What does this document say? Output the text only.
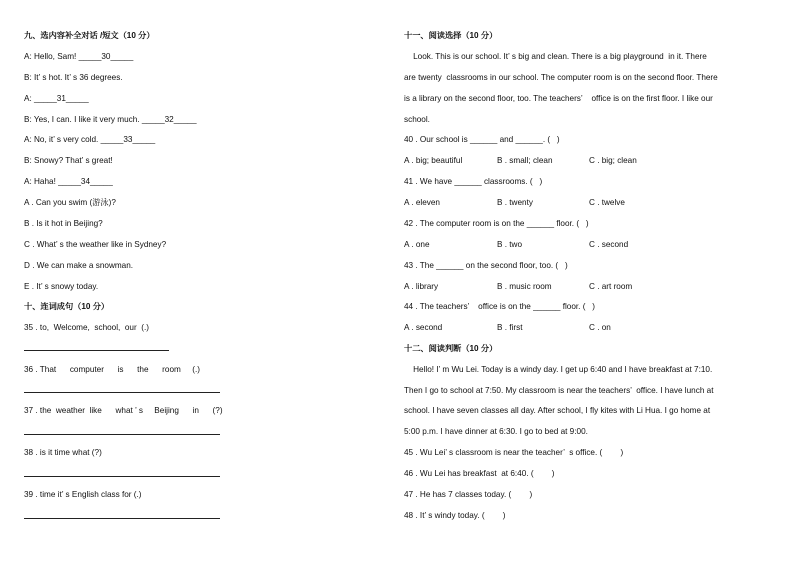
九、选内容补全对话 /短文（10 分）
A: Hello, Sam! _____30_____
B: It’ s hot. It’ s 36 degrees.
A: _____31_____
B: Yes, I can. I like it very much. _____32_____
A: No, it’ s very cold. _____33_____
B: Snowy? That’ s great!
A: Haha! _____34_____
A . Can you swim (游泳)?
B . Is it hot in Beijing?
C . What’ s the weather like in Sydney?
D . We can make a snowman.
E . It’ s snowy today.
十、连词成句（10 分）
35 . to,  Welcome,  school,  our  (.)
36 . That      computer      is      the      room     (.)
37 . the  weather  like      what ’ s     Beijing      in      (?)
38 . is it time what (?)
39 . time it’ s English class for (.)
十一、阅读选择（10 分）
Look. This is our school. It’ s big and clean. There is a big playground  in it. There
are twenty  classrooms in our school. The computer room is on the second floor. There
is a library on the second floor, too. The teachers’    office is on the first floor. I like our
school.
40 . Our school is ______ and ______. (   )
A . big; beautiful	B . small; clean	C . big; clean
41 . We have ______ classrooms. (   )
A . eleven	B . twenty	C . twelve
42 . The computer room is on the ______ floor. (   )
A . one	B . two	C . second
43 . The ______ on the second floor, too. (   )
A . library	B . music room	C . art room
44 . The teachers’    office is on the ______ floor. (   )
A . second	B . first	C . on
十二、阅读判断（10 分）
Hello! I’ m Wu Lei. Today is a windy day. I get up 6:40 and I have breakfast at 7:10.
Then I go to school at 7:50. My classroom is near the teachers’  office. I have lunch at
school. I have seven classes all day. After school, I fly kites with Li Hua. I go home at
5:00 p.m. I have dinner at 6:30. I go to bed at 9:00.
45 . Wu Lei’ s classroom is near the teacher’  s office. (        )
46 . Wu Lei has breakfast  at 6:40. (        )
47 . He has 7 classes today. (        )
48 . It’ s windy today. (        )
